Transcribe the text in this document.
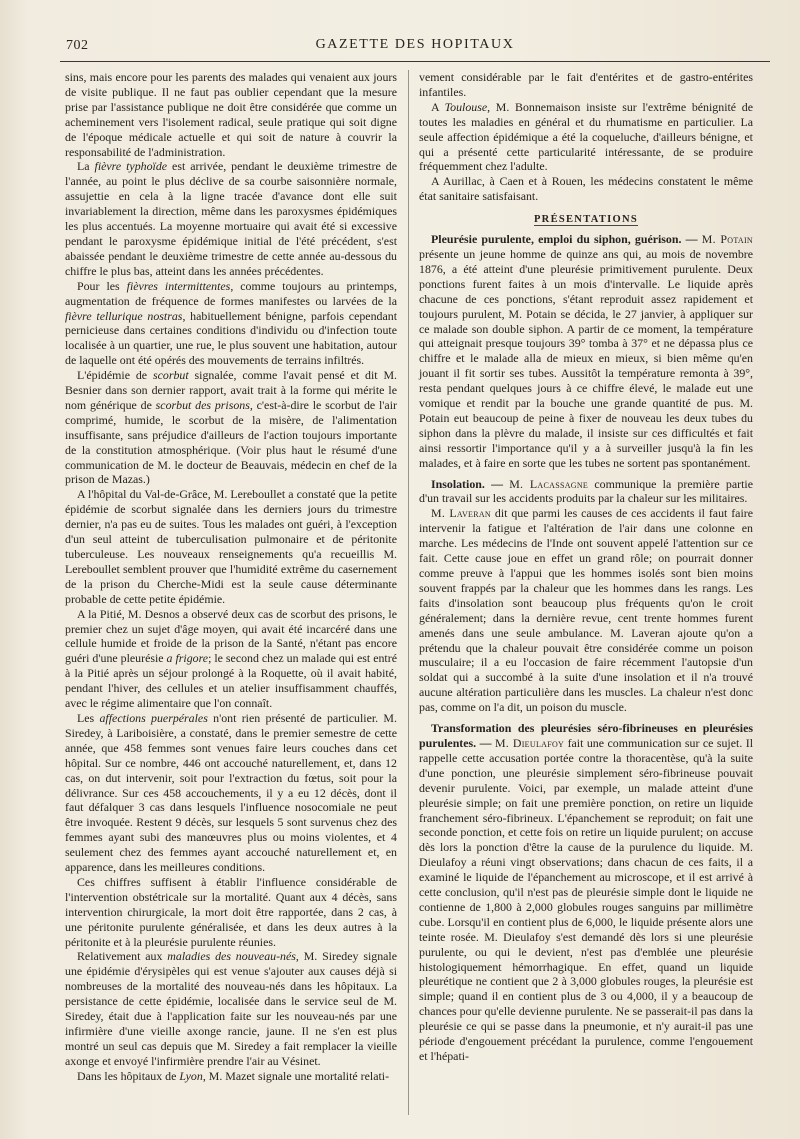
702	GAZETTE DES HOPITAUX

sins, mais encore pour les parents des malades qui venaient aux jours de visite publique. Il ne faut pas oublier cependant que la mesure prise par l'assistance publique ne doit être considérée que comme un acheminement vers l'isolement radical, seule pratique qui soit digne de l'époque médicale actuelle et qui soit de nature à couvrir la responsabilité de l'administration.

La fièvre typhoïde est arrivée, pendant le deuxième trimestre de l'année, au point le plus déclive de sa courbe saisonnière normale, assujettie en cela à la ligne tracée d'avance dont elle suit invariablement la direction, même dans les paroxysmes épidémiques les plus accentués. La moyenne mortuaire qui avait été si excessive pendant le paroxysme épidémique initial de l'été précédent, s'est abaissée pendant le deuxième trimestre de cette année au-dessous du chiffre le plus bas, atteint dans les années précédentes.

Pour les fièvres intermittentes, comme toujours au printemps, augmentation de fréquence de formes manifestes ou larvées de la fièvre tellurique nostras, habituellement bénigne, parfois cependant pernicieuse dans certaines conditions d'individu ou d'infection toute localisée à un quartier, une rue, le plus souvent une habitation, autour de laquelle ont été opérés des mouvements de terrains infiltrés.

L'épidémie de scorbut signalée, comme l'avait pensé et dit M. Besnier dans son dernier rapport, avait trait à la forme qui mérite le nom générique de scorbut des prisons, c'est-à-dire le scorbut de l'air comprimé, humide, le scorbut de la misère, de l'alimentation insuffisante, sans préjudice d'ailleurs de l'action toujours importante de la constitution atmosphérique. (Voir plus haut le résumé d'une communication de M. le docteur de Beauvais, médecin en chef de la prison de Mazas.)

A l'hôpital du Val-de-Grâce, M. Lereboullet a constaté que la petite épidémie de scorbut signalée dans les derniers jours du trimestre dernier, n'a pas eu de suites. Tous les malades ont guéri, à l'exception d'un seul atteint de tuberculisation pulmonaire et de péritonite tuberculeuse. Les nouveaux renseignements qu'a recueillis M. Lereboullet semblent prouver que l'humidité extrême du casernement de la prison du Cherche-Midi est la seule cause déterminante probable de cette petite épidémie.

A la Pitié, M. Desnos a observé deux cas de scorbut des prisons, le premier chez un sujet d'âge moyen, qui avait été incarcéré dans une cellule humide et froide de la prison de la Santé, n'étant pas encore guéri d'une pleurésie a frigore; le second chez un malade qui est entré à la Pitié après un séjour prolongé à la Roquette, où il avait habité, pendant l'hiver, des cellules et un atelier insuffisamment chauffés, avec le régime alimentaire que l'on connaît.

Les affections puerpérales n'ont rien présenté de particulier. M. Siredey, à Lariboisière, a constaté, dans le premier semestre de cette année, que 458 femmes sont venues faire leurs couches dans cet hôpital. Sur ce nombre, 446 ont accouché naturellement, et, dans 12 cas, on dut intervenir, soit pour l'extraction du fœtus, soit pour la délivrance. Sur ces 458 accouchements, il y a eu 12 décès, dont il faut défalquer 3 cas dans lesquels l'influence nosocomiale ne peut être invoquée. Restent 9 décès, sur lesquels 5 sont survenus chez des femmes ayant subi des manœuvres plus ou moins violentes, et 4 seulement chez des femmes ayant accouché naturellement et, en apparence, dans les meilleures conditions.

Ces chiffres suffisent à établir l'influence considérable de l'intervention obstétricale sur la mortalité. Quant aux 4 décès, sans intervention chirurgicale, la mort doit être rapportée, dans 2 cas, à une péritonite purulente généralisée, et dans les deux autres à la péritonite et à la pleurésie purulente réunies.

Relativement aux maladies des nouveau-nés, M. Siredey signale une épidémie d'érysipèles qui est venue s'ajouter aux causes déjà si nombreuses de la mortalité des nouveau-nés dans les hôpitaux. La persistance de cette épidémie, localisée dans le service seul de M. Siredey, était due à l'application faite sur les nouveau-nés par une infirmière d'une vieille axonge rancie, jaune. Il ne s'en est plus montré un seul cas depuis que M. Siredey a fait remplacer la vieille axonge et envoyé l'infirmière prendre l'air au Vésinet.

Dans les hôpitaux de Lyon, M. Mazet signale une mortalité relati-

vement considérable par le fait d'entérites et de gastro-entérites infantiles.

A Toulouse, M. Bonnemaison insiste sur l'extrême bénignité de toutes les maladies en général et du rhumatisme en particulier. La seule affection épidémique a été la coqueluche, d'ailleurs bénigne, et qui a présenté cette particularité intéressante, de se produire fréquemment chez l'adulte.

A Aurillac, à Caen et à Rouen, les médecins constatent le même état sanitaire satisfaisant.

PRÉSENTATIONS

Pleurésie purulente, emploi du siphon, guérison. — M. Potain présente un jeune homme de quinze ans qui, au mois de novembre 1876, a été atteint d'une pleurésie primitivement purulente. Deux ponctions furent faites à un mois d'intervalle. Le liquide après chacune de ces ponctions, s'étant reproduit assez rapidement et toujours purulent, M. Potain se décida, le 27 janvier, à appliquer sur ce malade son double siphon. A partir de ce moment, la température qui atteignait presque toujours 39° tomba à 37° et ne dépassa plus ce chiffre et le malade alla de mieux en mieux, si bien même qu'en jouant il fit sortir ses tubes. Aussitôt la température remonta à 39°, resta pendant quelques jours à ce chiffre élevé, le malade eut une vomique et rendit par la bouche une grande quantité de pus. M. Potain eut beaucoup de peine à fixer de nouveau les deux tubes du siphon dans la plèvre du malade, il insiste sur ces difficultés et fait ainsi ressortir l'importance qu'il y a à surveiller jusqu'à la fin les malades, et à faire en sorte que les tubes ne sortent pas spontanément.

Insolation. — M. Lacassagne communique la première partie d'un travail sur les accidents produits par la chaleur sur les militaires.

M. Laveran dit que parmi les causes de ces accidents il faut faire intervenir la fatigue et l'altération de l'air dans une colonne en marche. Les médecins de l'Inde ont souvent appelé l'attention sur ce fait. Cette cause joue en effet un grand rôle; on pourrait donner comme preuve à l'appui que les hommes isolés sont bien moins souvent frappés par la chaleur que les hommes dans les rangs. Les faits d'insolation sont beaucoup plus fréquents qu'on le croit généralement; dans la dernière revue, cent trente hommes furent amenés dans une seule ambulance. M. Laveran ajoute qu'on a prétendu que la chaleur pouvait être considérée comme un poison musculaire; il a eu l'occasion de faire récemment l'autopsie d'un soldat qui a succombé à la suite d'une insolation et il n'a trouvé aucune altération particulière dans les muscles. La chaleur n'est donc pas, comme on l'a dit, un poison du muscle.

Transformation des pleurésies séro-fibrineuses en pleurésies purulentes. — M. Dieulafoy fait une communication sur ce sujet. Il rappelle cette accusation portée contre la thoracentèse, qu'à la suite d'une ponction, une pleurésie simplement séro-fibrineuse pouvait devenir purulente. Voici, par exemple, un malade atteint d'une pleurésie simple; on fait une première ponction, on retire un liquide franchement séro-fibrineux. L'épanchement se reproduit; on fait une seconde ponction, et cette fois on retire un liquide purulent; on accuse dès lors la ponction d'être la cause de la purulence du liquide. M. Dieulafoy a réuni vingt observations; dans chacun de ces faits, il a examiné le liquide de l'épanchement au microscope, et il est arrivé à cette conclusion, qu'il n'est pas de pleurésie simple dont le liquide ne contienne de 1,800 à 2,000 globules rouges sanguins par millimètre cube. Lorsqu'il en contient plus de 6,000, le liquide présente alors une teinte rosée. M. Dieulafoy s'est demandé dès lors si une pleurésie purulente, ou qui le devient, n'est pas d'emblée une pleurésie histologiquement hémorrhagique. En effet, quand un liquide pleurétique ne contient que 2 à 3,000 globules rouges, la pleurésie est simple; quand il en contient plus de 3 ou 4,000, il y a beaucoup de chances pour qu'elle devienne purulente. Ne se passerait-il pas dans la pleurésie ce qui se passe dans la pneumonie, et n'y aurait-il pas une période d'engouement précédant la purulence, comme l'engouement et l'hépati-
